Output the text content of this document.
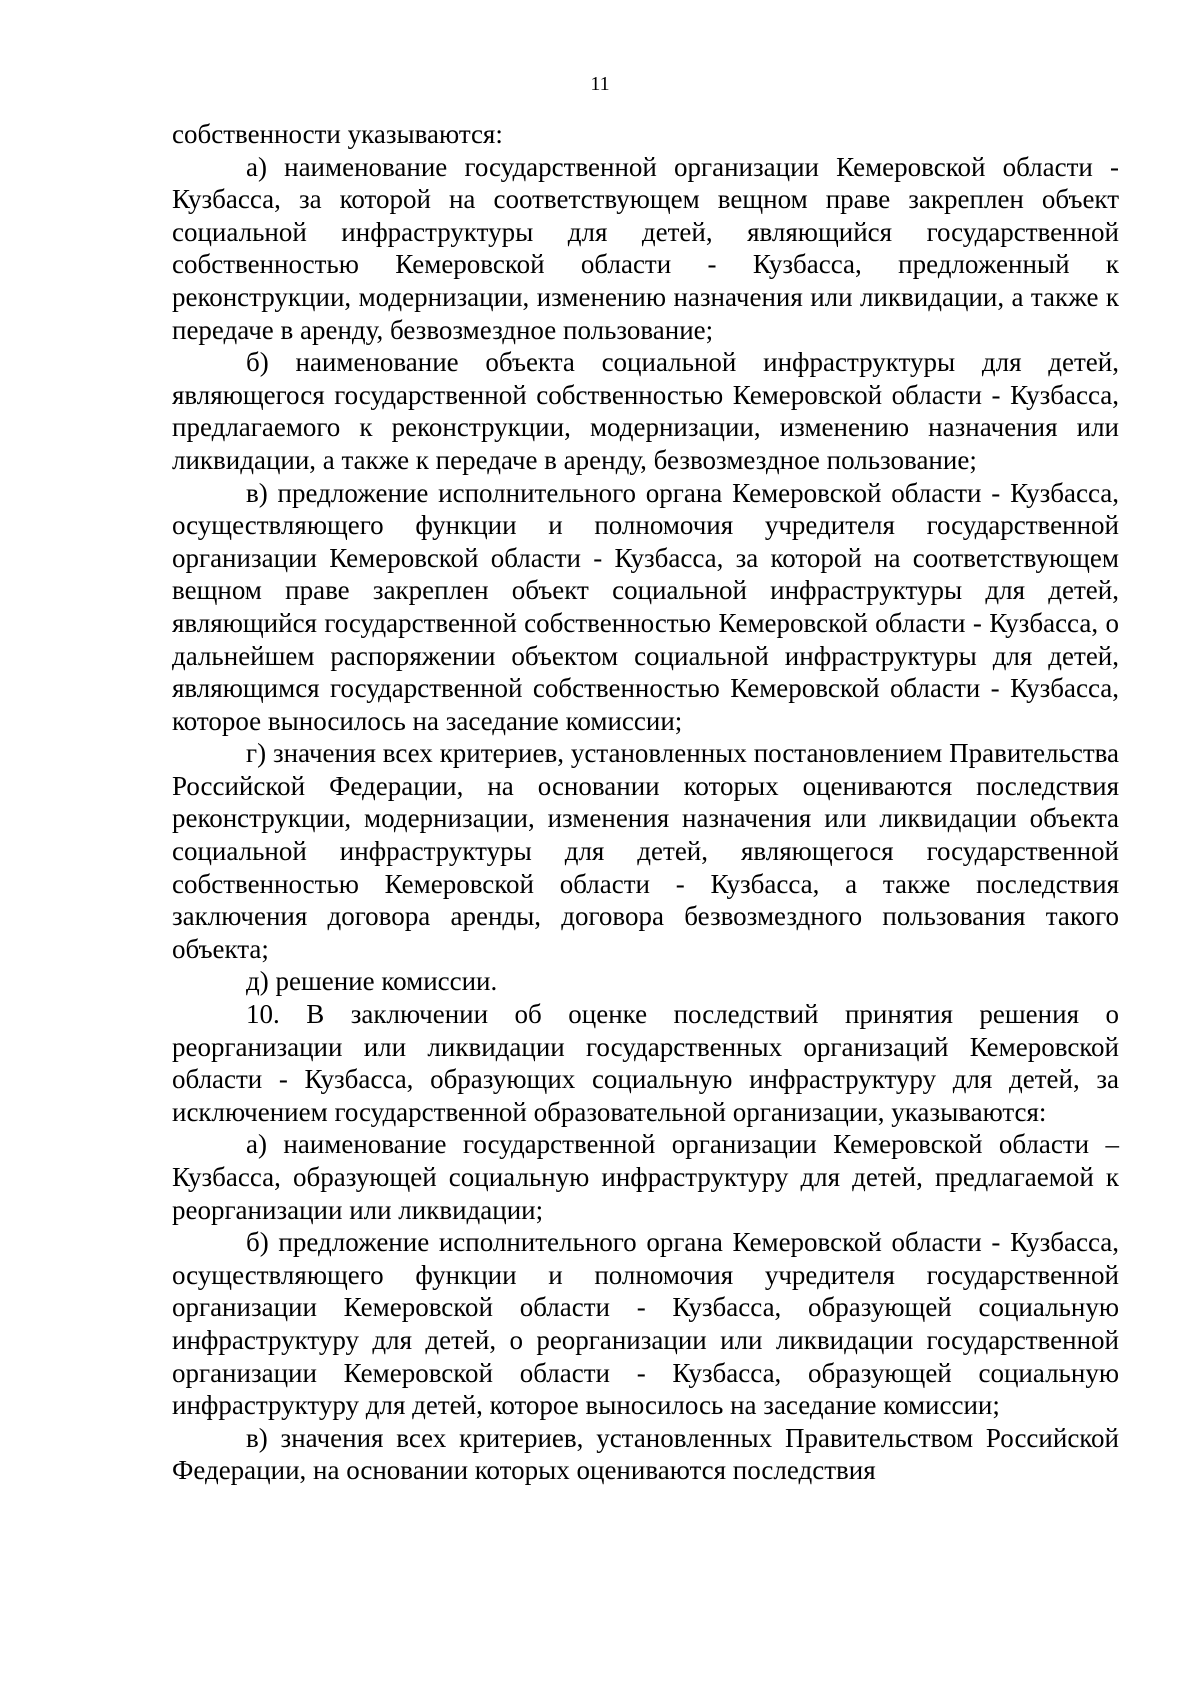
11

собственности указываются:

а) наименование государственной организации Кемеровской области - Кузбасса, за которой на соответствующем вещном праве закреплен объект социальной инфраструктуры для детей, являющийся государственной собственностью Кемеровской области - Кузбасса, предложенный к реконструкции, модернизации, изменению назначения или ликвидации, а также к передаче в аренду, безвозмездное пользование;

б) наименование объекта социальной инфраструктуры для детей, являющегося государственной собственностью Кемеровской области - Кузбасса, предлагаемого к реконструкции, модернизации, изменению назначения или ликвидации, а также к передаче в аренду, безвозмездное пользование;

в) предложение исполнительного органа Кемеровской области - Кузбасса, осуществляющего функции и полномочия учредителя государственной организации Кемеровской области - Кузбасса, за которой на соответствующем вещном праве закреплен объект социальной инфраструктуры для детей, являющийся государственной собственностью Кемеровской области - Кузбасса, о дальнейшем распоряжении объектом социальной инфраструктуры для детей, являющимся государственной собственностью Кемеровской области - Кузбасса, которое выносилось на заседание комиссии;

г) значения всех критериев, установленных постановлением Правительства Российской Федерации, на основании которых оцениваются последствия реконструкции, модернизации, изменения назначения или ликвидации объекта социальной инфраструктуры для детей, являющегося государственной собственностью Кемеровской области - Кузбасса, а также последствия заключения договора аренды, договора безвозмездного пользования такого объекта;

д) решение комиссии.

10. В заключении об оценке последствий принятия решения о реорганизации или ликвидации государственных организаций Кемеровской области - Кузбасса, образующих социальную инфраструктуру для детей, за исключением государственной образовательной организации, указываются:

а) наименование государственной организации Кемеровской области – Кузбасса, образующей социальную инфраструктуру для детей, предлагаемой к реорганизации или ликвидации;

б) предложение исполнительного органа Кемеровской области - Кузбасса, осуществляющего функции и полномочия учредителя государственной организации Кемеровской области - Кузбасса, образующей социальную инфраструктуру для детей, о реорганизации или ликвидации государственной организации Кемеровской области - Кузбасса, образующей социальную инфраструктуру для детей, которое выносилось на заседание комиссии;

в) значения всех критериев, установленных Правительством Российской Федерации, на основании которых оцениваются последствия
